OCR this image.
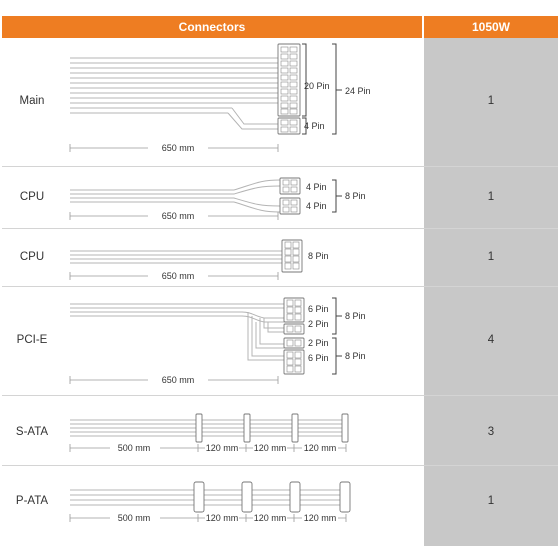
Connectors	1050W
Main	1
CPU	1
CPU	1
PCI-E	4
S-ATA	3
P-ATA	1
20 Pin
4 Pin
24 Pin
650 mm
4 Pin
4 Pin
8 Pin
650 mm
8 Pin
650 mm
6 Pin
2 Pin
2 Pin
6 Pin
8 Pin
8 Pin
650 mm
500 mm	120 mm 120 mm 120 mm
500 mm	120 mm 120 mm 120 mm
